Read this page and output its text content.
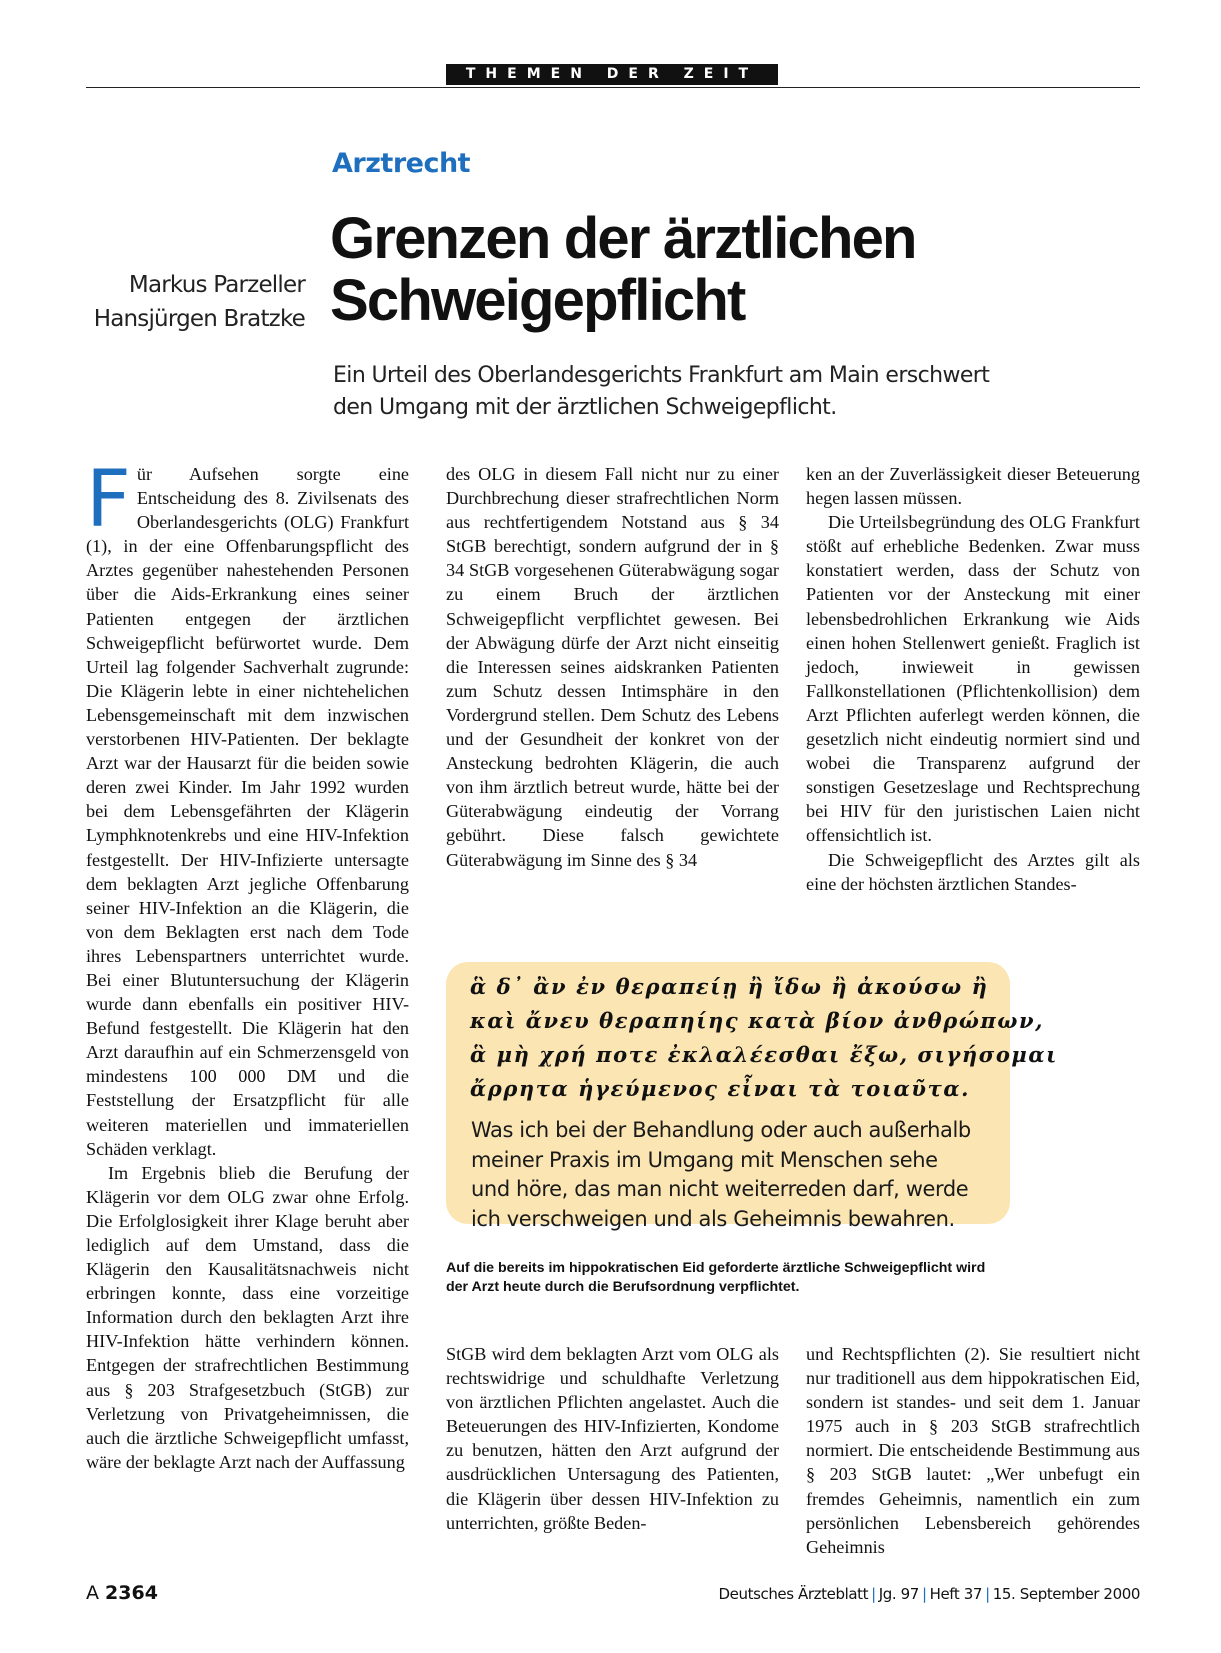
THEMEN DER ZEIT
Arztrecht
Grenzen der ärztlichen
Schweigepflicht
Markus Parzeller
Hansjürgen Bratzke
Ein Urteil des Oberlandesgerichts Frankfurt am Main erschwert
den Umgang mit der ärztlichen Schweigepflicht.

Für Aufsehen sorgte eine Entscheidung des 8. Zivilsenats des Oberlandesgerichts (OLG) Frankfurt (1), in der eine Offenbarungspflicht des Arztes gegenüber nahestehenden Personen über die Aids-Erkrankung eines seiner Patienten entgegen der ärztlichen Schweigepflicht befürwortet wurde. Dem Urteil lag folgender Sachverhalt zugrunde: Die Klägerin lebte in einer nichtehelichen Lebensgemeinschaft mit dem inzwischen verstorbenen HIV-Patienten. Der beklagte Arzt war der Hausarzt für die beiden sowie deren zwei Kinder. Im Jahr 1992 wurden bei dem Lebensgefährten der Klägerin Lymphknotenkrebs und eine HIV-Infektion festgestellt. Der HIV-Infizierte untersagte dem beklagten Arzt jegliche Offenbarung seiner HIV-Infektion an die Klägerin, die von dem Beklagten erst nach dem Tode ihres Lebenspartners unterrichtet wurde. Bei einer Blutuntersuchung der Klägerin wurde dann ebenfalls ein positiver HIV-Befund festgestellt. Die Klägerin hat den Arzt daraufhin auf ein Schmerzensgeld von mindestens 100 000 DM und die Feststellung der Ersatzpflicht für alle weiteren materiellen und immateriellen Schäden verklagt.

Im Ergebnis blieb die Berufung der Klägerin vor dem OLG zwar ohne Erfolg. Die Erfolglosigkeit ihrer Klage beruht aber lediglich auf dem Umstand, dass die Klägerin den Kausalitätsnachweis nicht erbringen konnte, dass eine vorzeitige Information durch den beklagten Arzt ihre HIV-Infektion hätte verhindern können. Entgegen der strafrechtlichen Bestimmung aus § 203 Strafgesetzbuch (StGB) zur Verletzung von Privatgeheimnissen, die auch die ärztliche Schweigepflicht umfasst, wäre der beklagte Arzt nach der Auffassung

des OLG in diesem Fall nicht nur zu einer Durchbrechung dieser strafrechtlichen Norm aus rechtfertigendem Notstand aus § 34 StGB berechtigt, sondern aufgrund der in § 34 StGB vorgesehenen Güterabwägung sogar zu einem Bruch der ärztlichen Schweigepflicht verpflichtet gewesen. Bei der Abwägung dürfe der Arzt nicht einseitig die Interessen seines aidskranken Patienten zum Schutz dessen Intimsphäre in den Vordergrund stellen. Dem Schutz des Lebens und der Gesundheit der konkret von der Ansteckung bedrohten Klägerin, die auch von ihm ärztlich betreut wurde, hätte bei der Güterabwägung eindeutig der Vorrang gebührt. Diese falsch gewichtete Güterabwägung im Sinne des § 34

ken an der Zuverlässigkeit dieser Beteuerung hegen lassen müssen.

Die Urteilsbegründung des OLG Frankfurt stößt auf erhebliche Bedenken. Zwar muss konstatiert werden, dass der Schutz von Patienten vor der Ansteckung mit einer lebensbedrohlichen Erkrankung wie Aids einen hohen Stellenwert genießt. Fraglich ist jedoch, inwieweit in gewissen Fallkonstellationen (Pflichtenkollision) dem Arzt Pflichten auferlegt werden können, die gesetzlich nicht eindeutig normiert sind und wobei die Transparenz aufgrund der sonstigen Gesetzeslage und Rechtsprechung bei HIV für den juristischen Laien nicht offensichtlich ist.

Die Schweigepflicht des Arztes gilt als eine der höchsten ärztlichen Standes-

ἃ δ᾽ ἂν ἐν θεραπείῃ ἢ ἴδω ἢ ἀκούσω ἢ
καὶ ἄνευ θεραπηίης κατὰ βίον ἀνθρώπων,
ἃ μὴ χρή ποτε ἐκλαλέεσθαι ἔξω, σιγήσομαι
ἄρρητα ἡγεύμενος εἶναι τὰ τοιαῦτα.
Was ich bei der Behandlung oder auch außerhalb
meiner Praxis im Umgang mit Menschen sehe
und höre, das man nicht weiterreden darf, werde
ich verschweigen und als Geheimnis bewahren.
Auf die bereits im hippokratischen Eid geforderte ärztliche Schweigepflicht wird
der Arzt heute durch die Berufsordnung verpflichtet.

StGB wird dem beklagten Arzt vom OLG als rechtswidrige und schuldhafte Verletzung von ärztlichen Pflichten angelastet. Auch die Beteuerungen des HIV-Infizierten, Kondome zu benutzen, hätten den Arzt aufgrund der ausdrücklichen Untersagung des Patienten, die Klägerin über dessen HIV-Infektion zu unterrichten, größte Beden-

und Rechtspflichten (2). Sie resultiert nicht nur traditionell aus dem hippokratischen Eid, sondern ist standes- und seit dem 1. Januar 1975 auch in § 203 StGB strafrechtlich normiert. Die entscheidende Bestimmung aus § 203 StGB lautet: „Wer unbefugt ein fremdes Geheimnis, namentlich ein zum persönlichen Lebensbereich gehörendes Geheimnis

A 2364	Deutsches Ärzteblatt | Jg. 97 | Heft 37 | 15. September 2000
